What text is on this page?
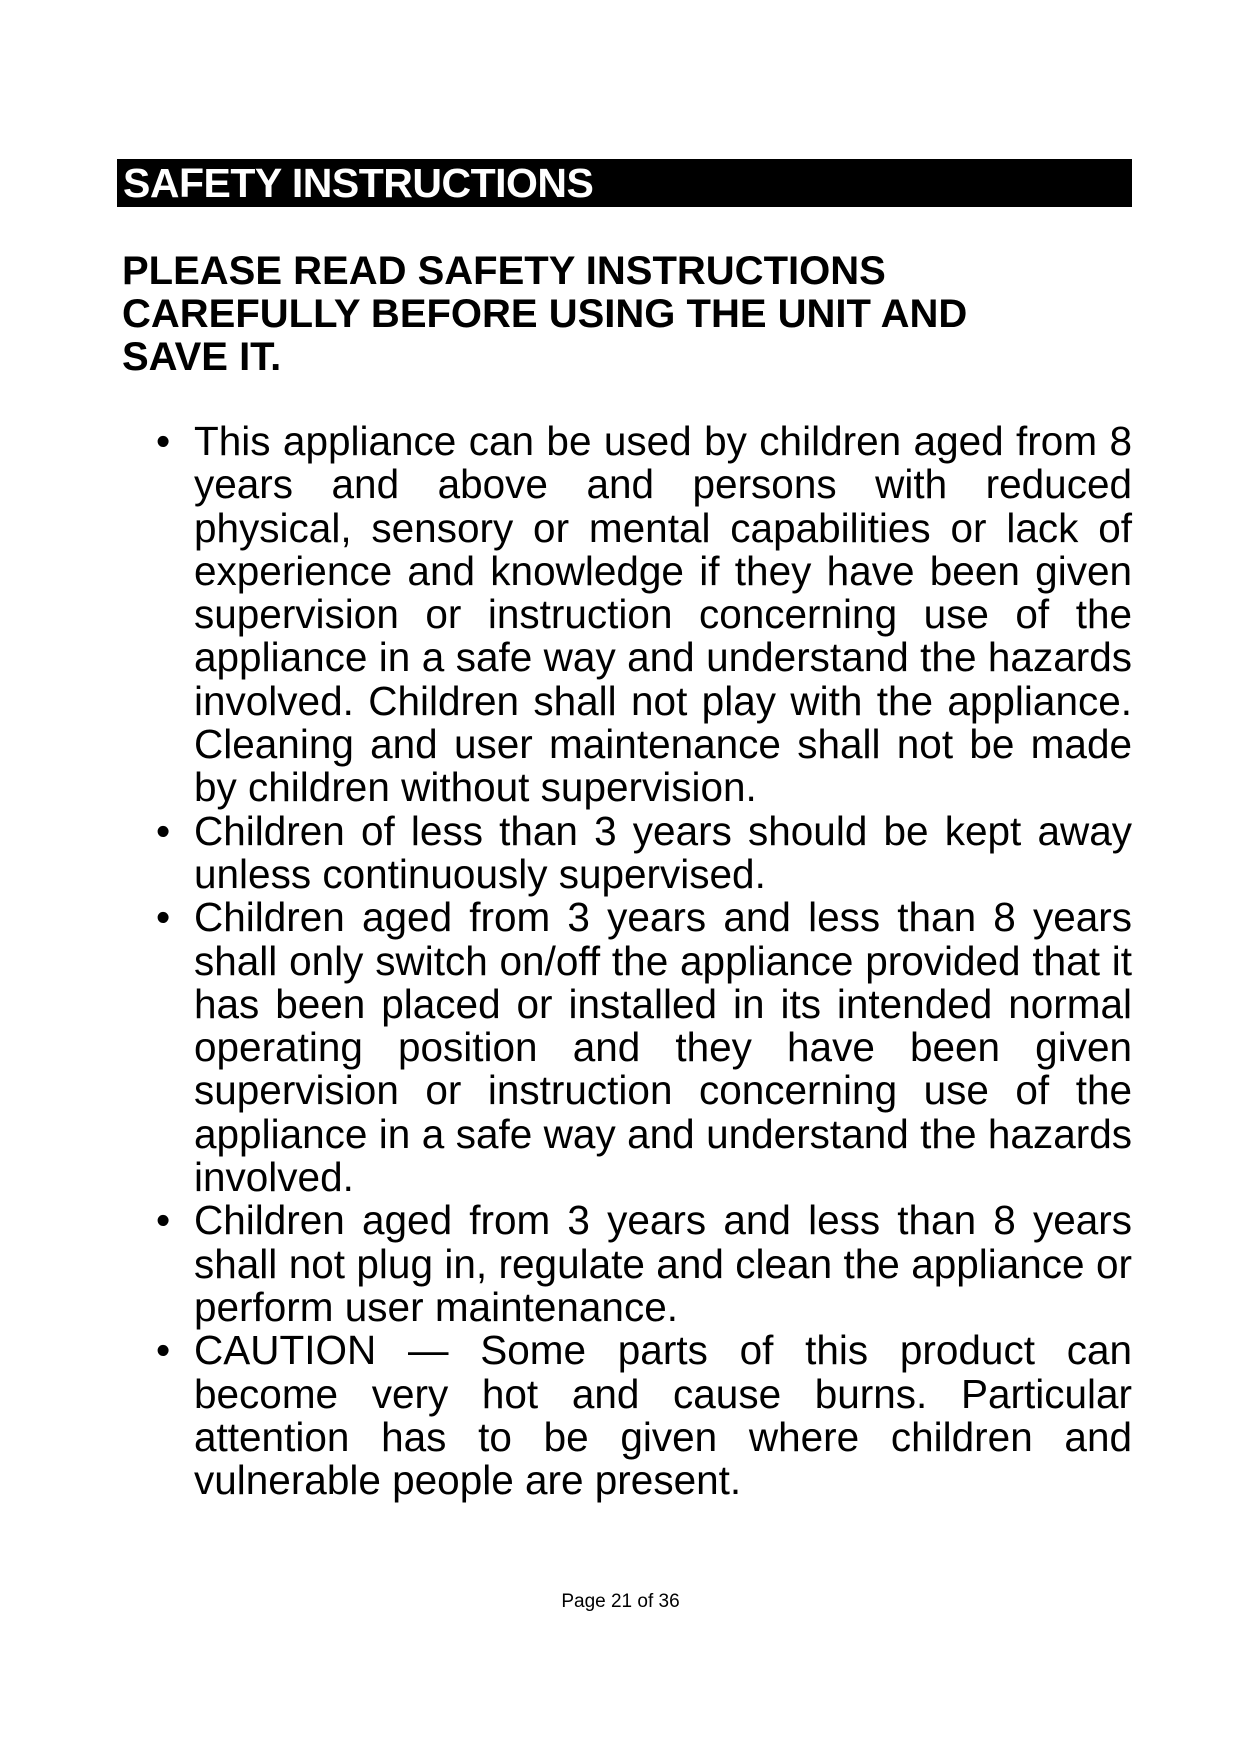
SAFETY INSTRUCTIONS
PLEASE READ SAFETY INSTRUCTIONS CAREFULLY BEFORE USING THE UNIT AND SAVE IT.
• This appliance can be used by children aged from 8 years and above and persons with reduced physical, sensory or mental capabilities or lack of experience and knowledge if they have been given supervision or instruction concerning use of the appliance in a safe way and understand the hazards involved. Children shall not play with the appliance. Cleaning and user maintenance shall not be made by children without supervision.
• Children of less than 3 years should be kept away unless continuously supervised.
• Children aged from 3 years and less than 8 years shall only switch on/off the appliance provided that it has been placed or installed in its intended normal operating position and they have been given supervision or instruction concerning use of the appliance in a safe way and understand the hazards involved.
• Children aged from 3 years and less than 8 years shall not plug in, regulate and clean the appliance or perform user maintenance.
• CAUTION — Some parts of this product can become very hot and cause burns. Particular attention has to be given where children and vulnerable people are present.
Page 21 of 36
